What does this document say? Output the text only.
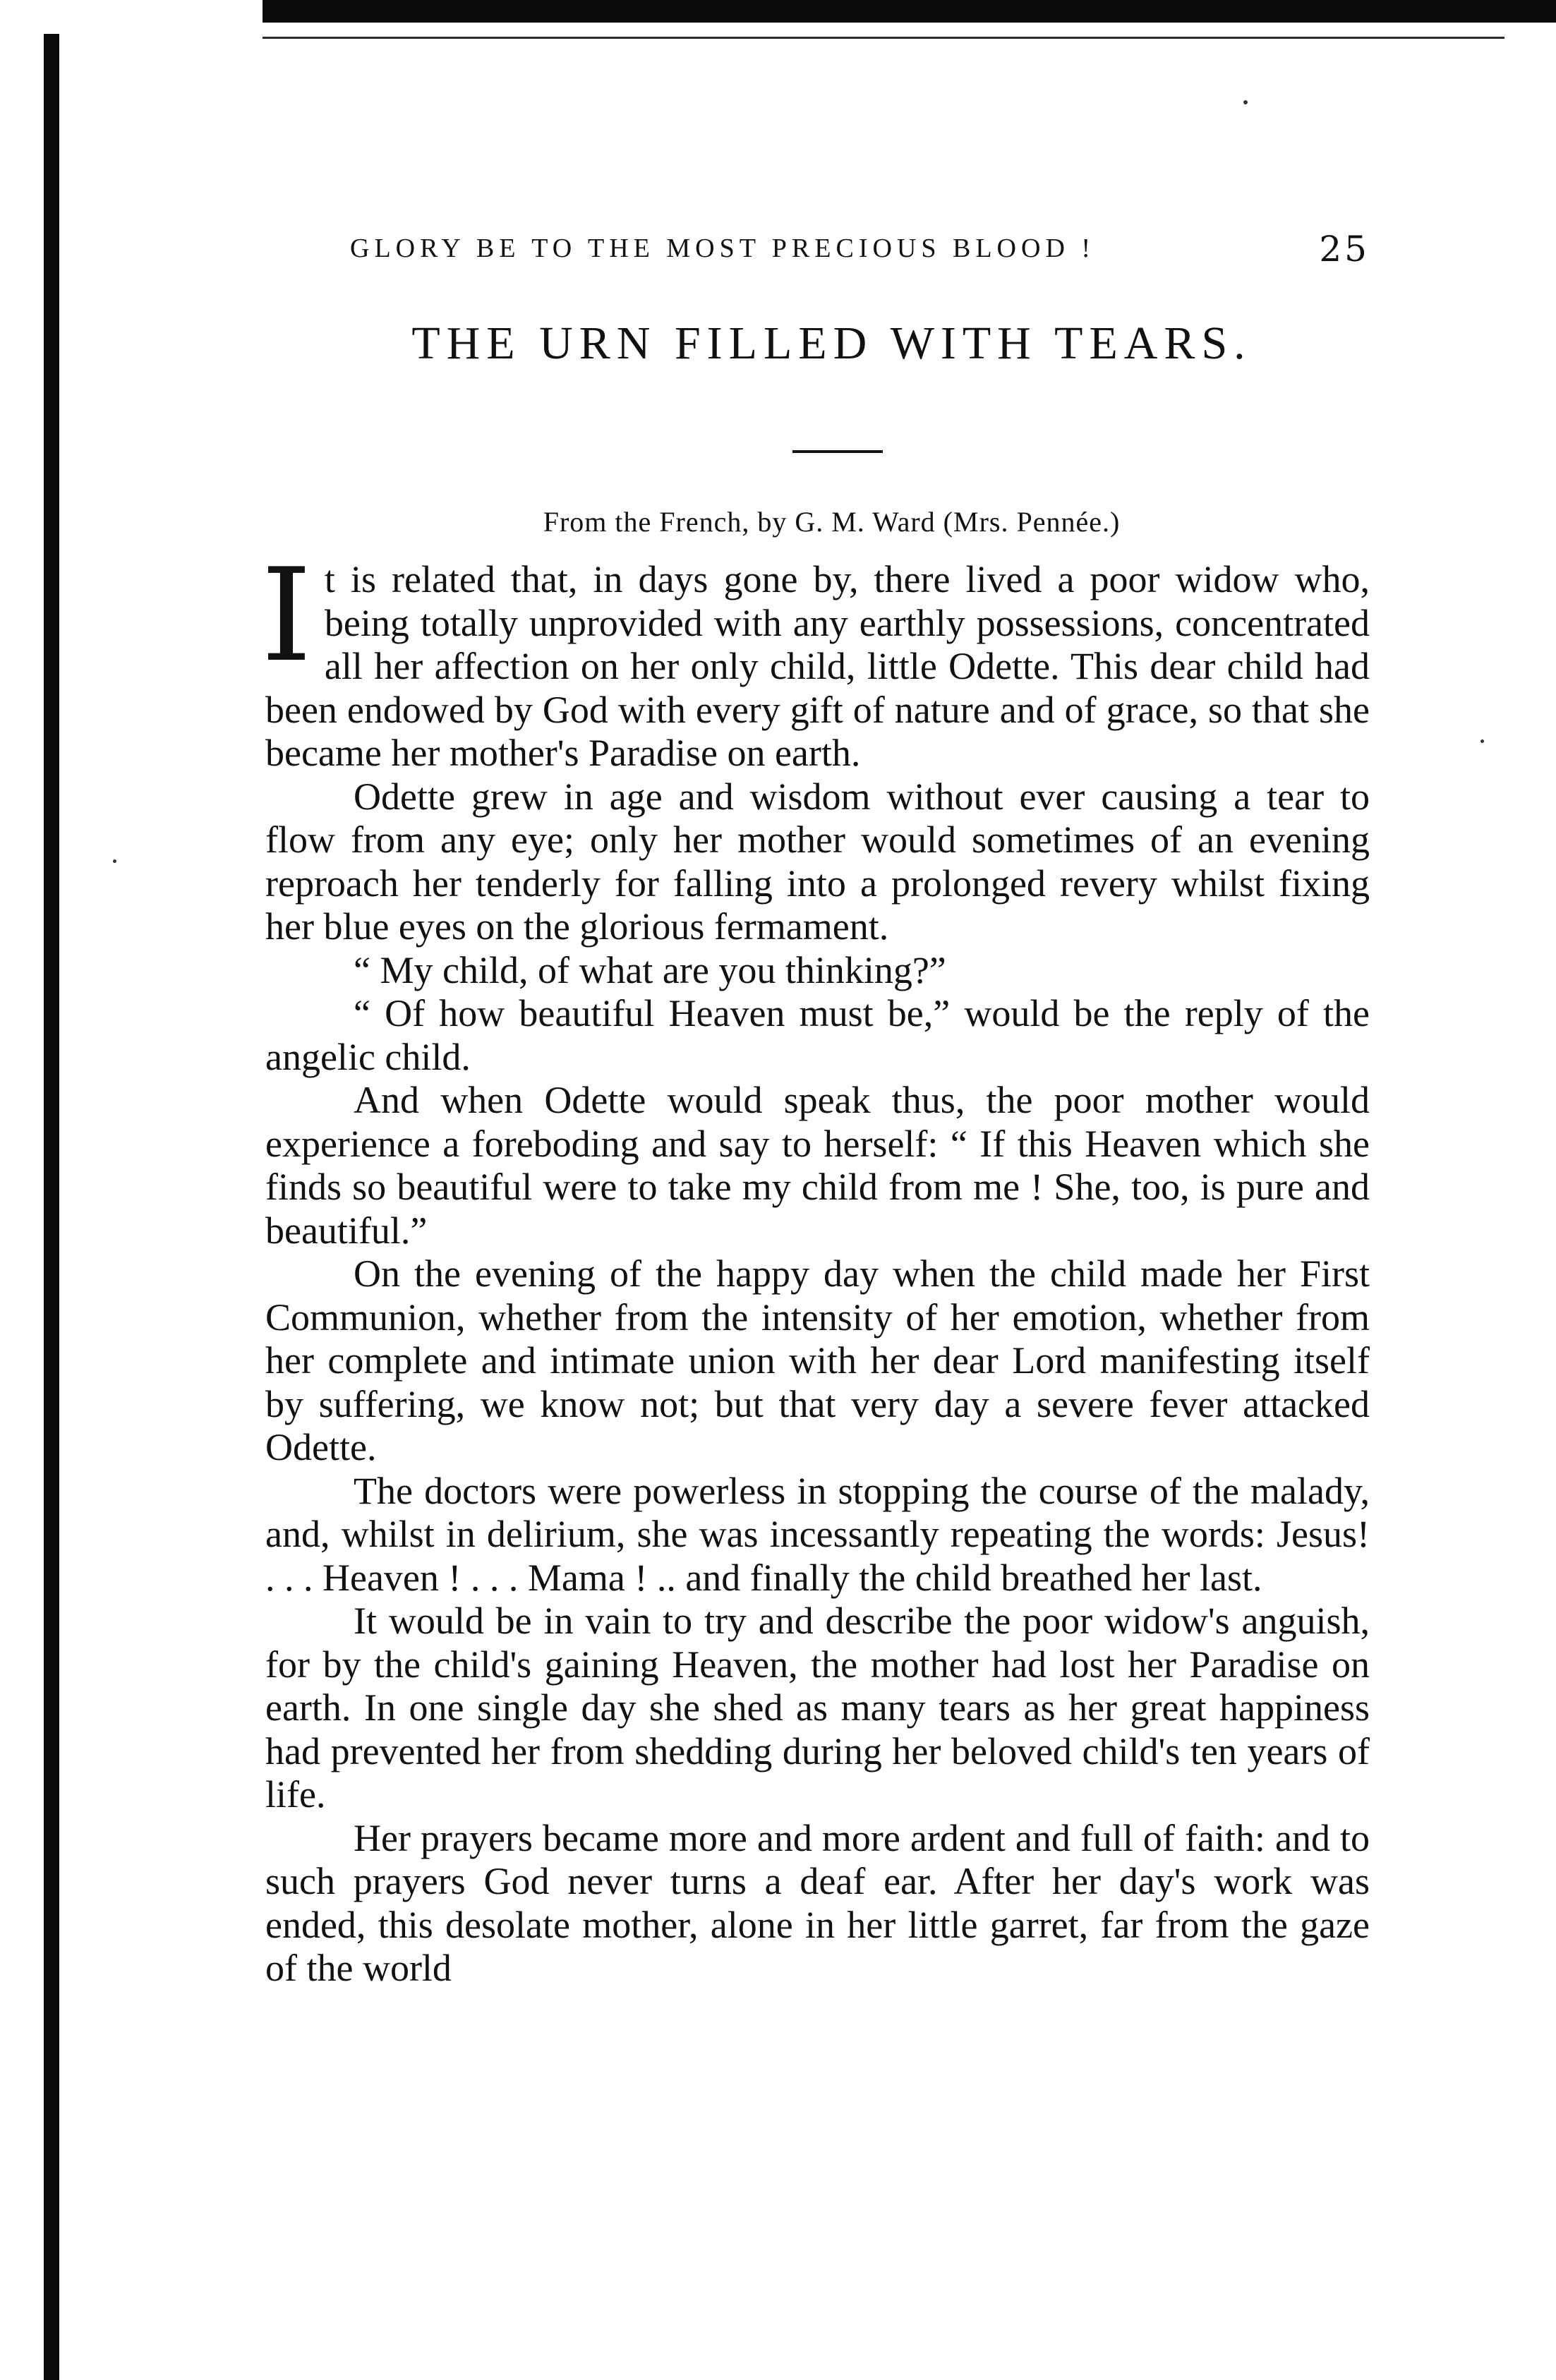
GLORY BE TO THE MOST PRECIOUS BLOOD !	25
THE URN FILLED WITH TEARS.
From the French, by G. M. Ward (Mrs. Pennée.)

It is related that, in days gone by, there lived a poor widow who, being totally unprovided with any earthly possessions, concentrated all her affection on her only child, little Odette. This dear child had been endowed by God with every gift of nature and of grace, so that she became her mother's Paradise on earth.

Odette grew in age and wisdom without ever causing a tear to flow from any eye; only her mother would sometimes of an evening reproach her tenderly for falling into a prolonged revery whilst fixing her blue eyes on the glorious fermament.

“ My child, of what are you thinking?”

“ Of how beautiful Heaven must be,” would be the reply of the angelic child.

And when Odette would speak thus, the poor mother would experience a foreboding and say to herself: “ If this Heaven which she finds so beautiful were to take my child from me ! She, too, is pure and beautiful.”

On the evening of the happy day when the child made her First Communion, whether from the intensity of her emotion, whether from her complete and intimate union with her dear Lord manifesting itself by suffering, we know not; but that very day a severe fever attacked Odette.

The doctors were powerless in stopping the course of the malady, and, whilst in delirium, she was incessantly repeating the words: Jesus! . . . Heaven ! . . . Mama ! .. and finally the child breathed her last.

It would be in vain to try and describe the poor widow's anguish, for by the child's gaining Heaven, the mother had lost her Paradise on earth. In one single day she shed as many tears as her great happiness had prevented her from shedding during her beloved child's ten years of life.

Her prayers became more and more ardent and full of faith: and to such prayers God never turns a deaf ear. After her day's work was ended, this desolate mother, alone in her little garret, far from the gaze of the world
